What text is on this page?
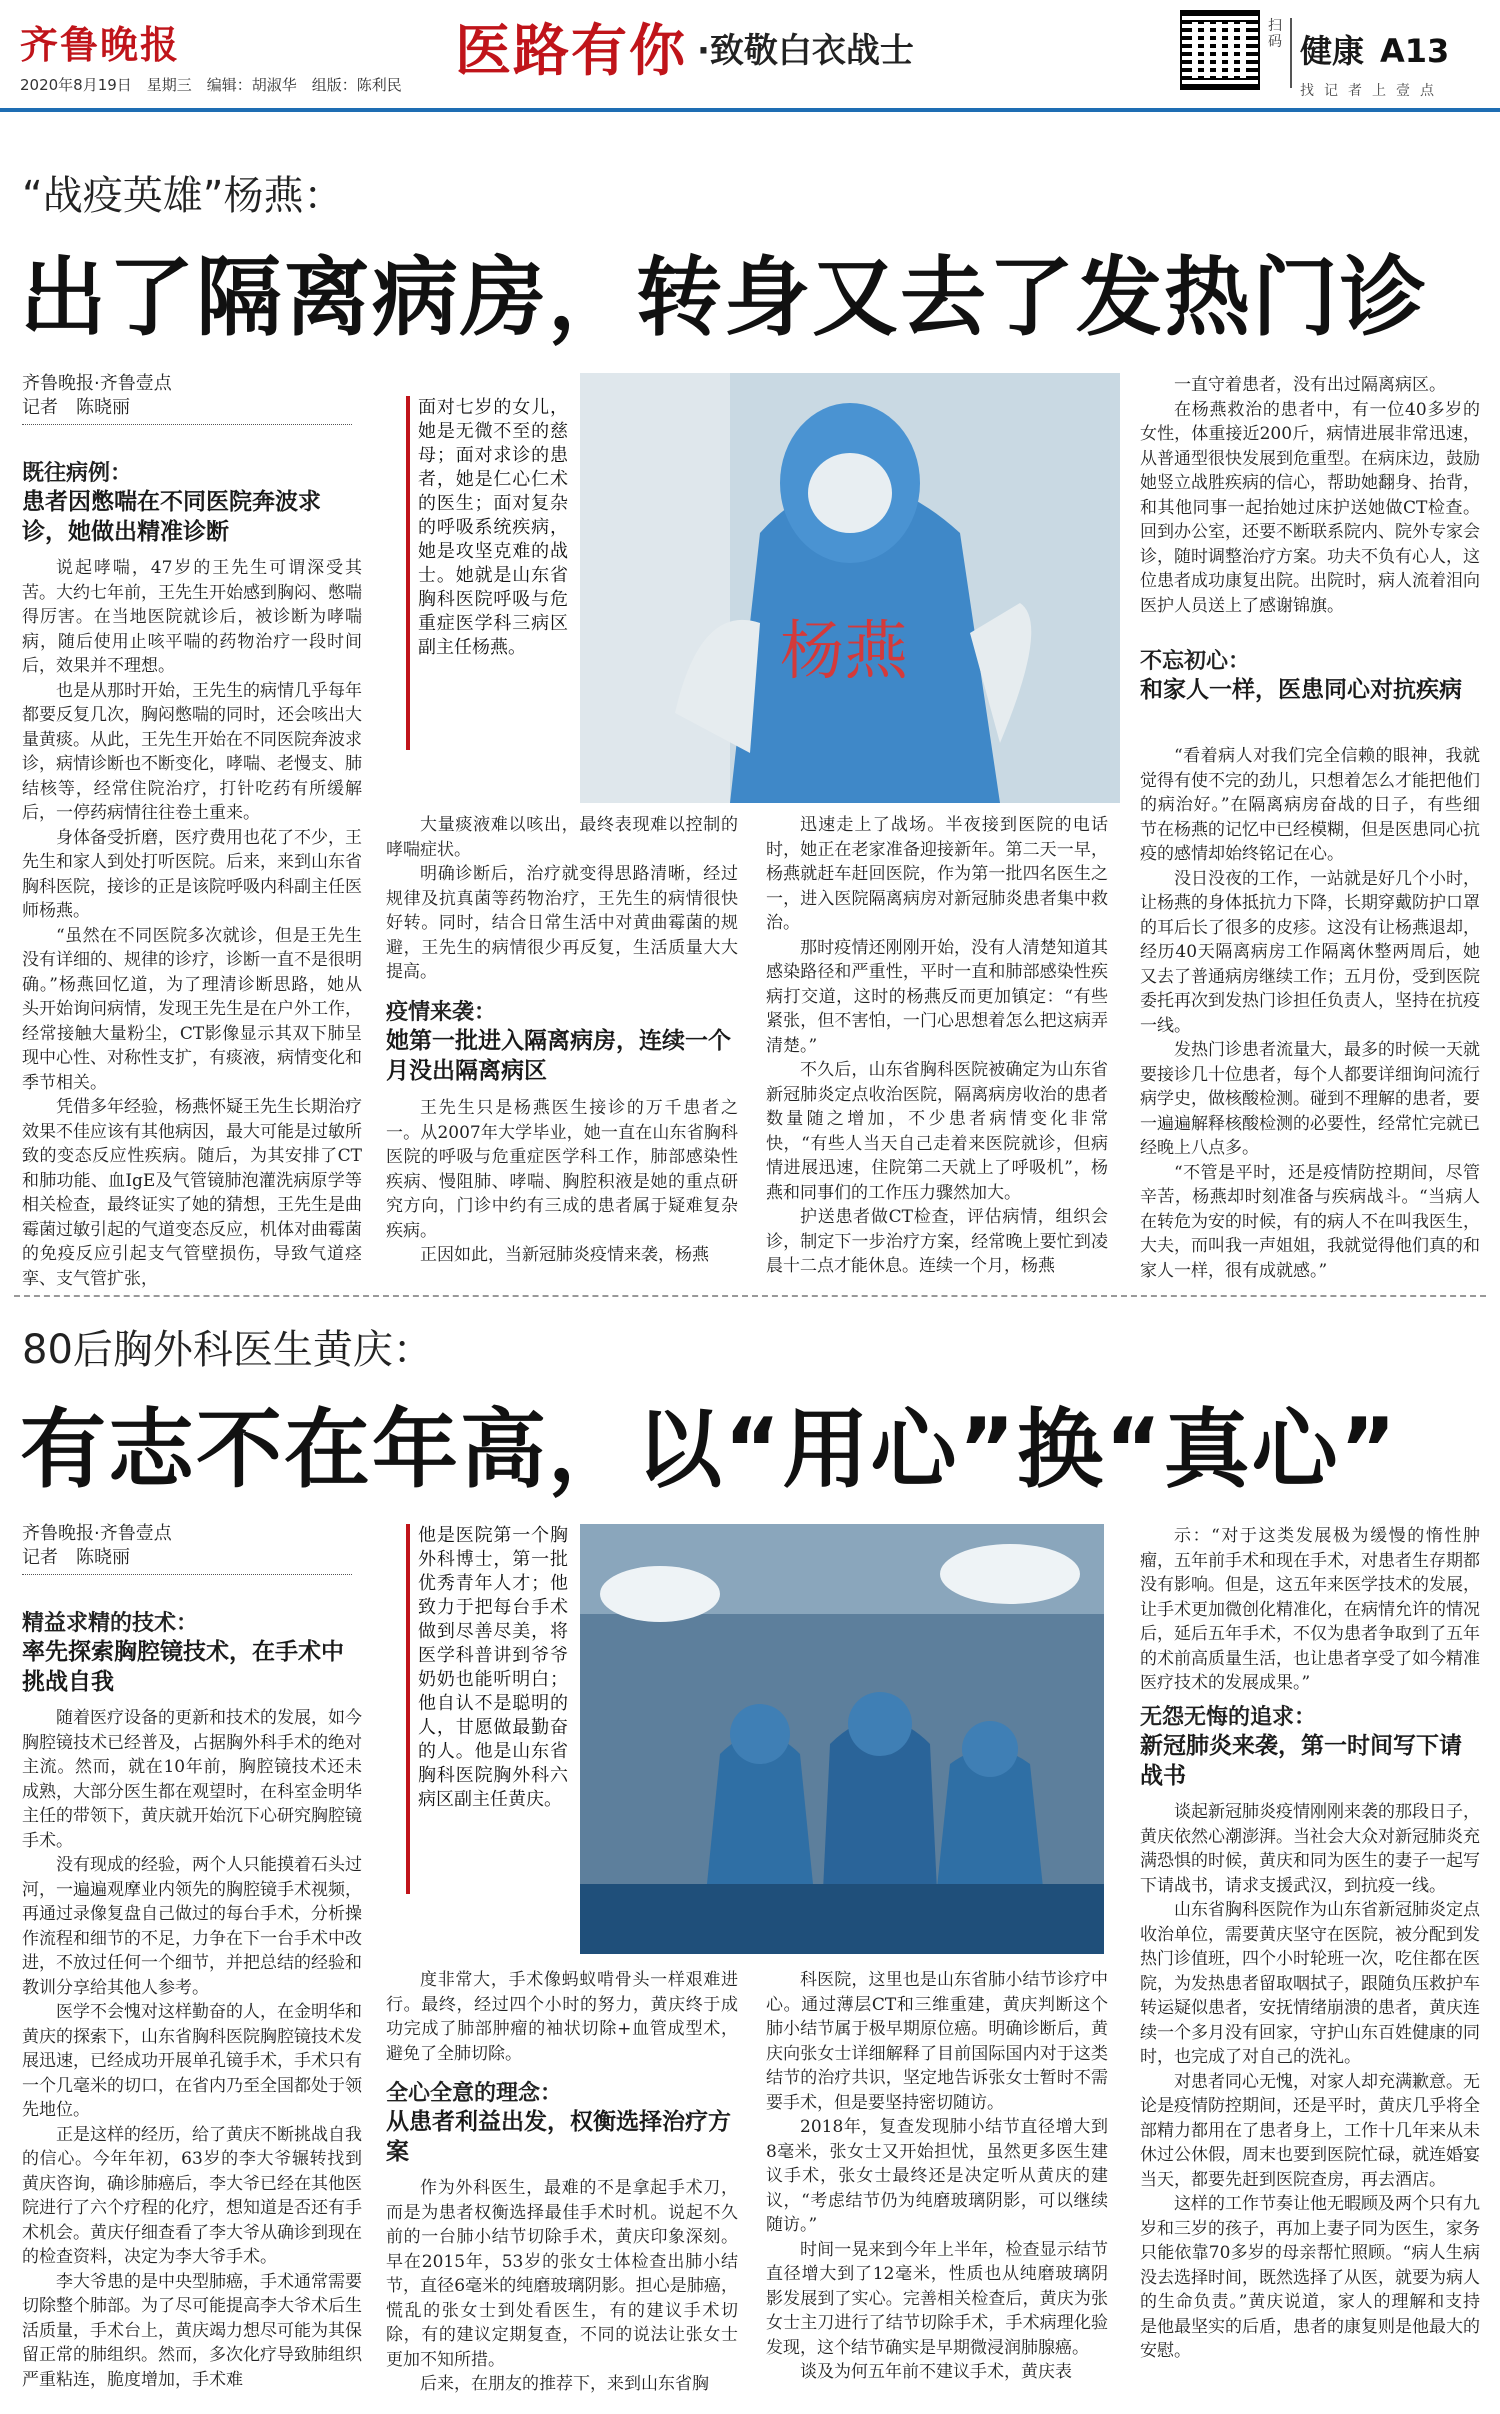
齐鲁晚报
2020年8月19日　星期三　编辑：胡淑华　组版：陈利民
医路有你 ·致敬白衣战士
扫码 健康 A13
找记者上壹点
“战疫英雄”杨燕：
出了隔离病房，转身又去了发热门诊
齐鲁晚报·齐鲁壹点
记者　陈晓丽
既往病例：
患者因憋喘在不同医院奔波求诊，她做出精准诊断
说起哮喘，47岁的王先生可谓深受其苦。大约七年前，王先生开始感到胸闷、憋喘得厉害。在当地医院就诊后，被诊断为哮喘病，随后使用止咳平喘的药物治疗一段时间后，效果并不理想。
也是从那时开始，王先生的病情几乎每年都要反复几次，胸闷憋喘的同时，还会咳出大量黄痰。从此，王先生开始在不同医院奔波求诊，病情诊断也不断变化，哮喘、老慢支、肺结核等，经常住院治疗，打针吃药有所缓解后，一停药病情往往卷土重来。
身体备受折磨，医疗费用也花了不少，王先生和家人到处打听医院。后来，来到山东省胸科医院，接诊的正是该院呼吸内科副主任医师杨燕。
“虽然在不同医院多次就诊，但是王先生没有详细的、规律的诊疗，诊断一直不是很明确。”杨燕回忆道，为了理清诊断思路，她从头开始询问病情，发现王先生是在户外工作，经常接触大量粉尘，CT影像显示其双下肺呈现中心性、对称性支扩，有痰液，病情变化和季节相关。
凭借多年经验，杨燕怀疑王先生长期治疗效果不佳应该有其他病因，最大可能是过敏所致的变态反应性疾病。随后，为其安排了CT和肺功能、血IgE及气管镜肺泡灌洗病原学等相关检查，最终证实了她的猜想，王先生是曲霉菌过敏引起的气道变态反应，机体对曲霉菌的免疫反应引起支气管壁损伤，导致气道痉挛、支气管扩张，
面对七岁的女儿，她是无微不至的慈母；面对求诊的患者，她是仁心仁术的医生；面对复杂的呼吸系统疾病，她是攻坚克难的战士。她就是山东省胸科医院呼吸与危重症医学科三病区副主任杨燕。	杨燕
大量痰液难以咳出，最终表现难以控制的哮喘症状。
明确诊断后，治疗就变得思路清晰，经过规律及抗真菌等药物治疗，王先生的病情很快好转。同时，结合日常生活中对黄曲霉菌的规避，王先生的病情很少再反复，生活质量大大提高。
疫情来袭：
她第一批进入隔离病房，连续一个月没出隔离病区
王先生只是杨燕医生接诊的万千患者之一。从2007年大学毕业，她一直在山东省胸科医院的呼吸与危重症医学科工作，肺部感染性疾病、慢阻肺、哮喘、胸腔积液是她的重点研究方向，门诊中约有三成的患者属于疑难复杂疾病。
正因如此，当新冠肺炎疫情来袭，杨燕
迅速走上了战场。半夜接到医院的电话时，她正在老家准备迎接新年。第二天一早，杨燕就赶车赶回医院，作为第一批四名医生之一，进入医院隔离病房对新冠肺炎患者集中救治。
那时疫情还刚刚开始，没有人清楚知道其感染路径和严重性，平时一直和肺部感染性疾病打交道，这时的杨燕反而更加镇定：“有些紧张，但不害怕，一门心思想着怎么把这病弄清楚。”
不久后，山东省胸科医院被确定为山东省新冠肺炎定点收治医院，隔离病房收治的患者数量随之增加，不少患者病情变化非常快，“有些人当天自己走着来医院就诊，但病情进展迅速，住院第二天就上了呼吸机”，杨燕和同事们的工作压力骤然加大。
护送患者做CT检查，评估病情，组织会诊，制定下一步治疗方案，经常晚上要忙到凌晨十二点才能休息。连续一个月，杨燕
一直守着患者，没有出过隔离病区。
在杨燕救治的患者中，有一位40多岁的女性，体重接近200斤，病情进展非常迅速，从普通型很快发展到危重型。在病床边，鼓励她竖立战胜疾病的信心，帮助她翻身、抬背，和其他同事一起抬她过床护送她做CT检查。回到办公室，还要不断联系院内、院外专家会诊，随时调整治疗方案。功夫不负有心人，这位患者成功康复出院。出院时，病人流着泪向医护人员送上了感谢锦旗。
不忘初心：
和家人一样，医患同心对抗疾病
“看着病人对我们完全信赖的眼神，我就觉得有使不完的劲儿，只想着怎么才能把他们的病治好。”在隔离病房奋战的日子，有些细节在杨燕的记忆中已经模糊，但是医患同心抗疫的感情却始终铭记在心。
没日没夜的工作，一站就是好几个小时，让杨燕的身体抵抗力下降，长期穿戴防护口罩的耳后长了很多的皮疹。这没有让杨燕退却，经历40天隔离病房工作隔离休整两周后，她又去了普通病房继续工作；五月份，受到医院委托再次到发热门诊担任负责人，坚持在抗疫一线。
发热门诊患者流量大，最多的时候一天就要接诊几十位患者，每个人都要详细询问流行病学史，做核酸检测。碰到不理解的患者，要一遍遍解释核酸检测的必要性，经常忙完就已经晚上八点多。
“不管是平时，还是疫情防控期间，尽管辛苦，杨燕却时刻准备与疾病战斗。“当病人在转危为安的时候，有的病人不在叫我医生，大夫，而叫我一声姐姐，我就觉得他们真的和家人一样，很有成就感。”
80后胸外科医生黄庆：
有志不在年高，以“用心”换“真心”
齐鲁晚报·齐鲁壹点
记者　陈晓丽
精益求精的技术：
率先探索胸腔镜技术，在手术中挑战自我
随着医疗设备的更新和技术的发展，如今胸腔镜技术已经普及，占据胸外科手术的绝对主流。然而，就在10年前，胸腔镜技术还未成熟，大部分医生都在观望时，在科室金明华主任的带领下，黄庆就开始沉下心研究胸腔镜手术。
没有现成的经验，两个人只能摸着石头过河，一遍遍观摩业内领先的胸腔镜手术视频，再通过录像复盘自己做过的每台手术，分析操作流程和细节的不足，力争在下一台手术中改进，不放过任何一个细节，并把总结的经验和教训分享给其他人参考。
医学不会愧对这样勤奋的人，在金明华和黄庆的探索下，山东省胸科医院胸腔镜技术发展迅速，已经成功开展单孔镜手术，手术只有一个几毫米的切口，在省内乃至全国都处于领先地位。
正是这样的经历，给了黄庆不断挑战自我的信心。今年年初，63岁的李大爷辗转找到黄庆咨询，确诊肺癌后，李大爷已经在其他医院进行了六个疗程的化疗，想知道是否还有手术机会。黄庆仔细查看了李大爷从确诊到现在的检查资料，决定为李大爷手术。
李大爷患的是中央型肺癌，手术通常需要切除整个肺部。为了尽可能提高李大爷术后生活质量，手术台上，黄庆竭力想尽可能为其保留正常的肺组织。然而，多次化疗导致肺组织严重粘连，脆度增加，手术难
他是医院第一个胸外科博士，第一批优秀青年人才；他致力于把每台手术做到尽善尽美，将医学科普讲到爷爷奶奶也能听明白；他自认不是聪明的人，甘愿做最勤奋的人。他是山东省胸科医院胸外科六病区副主任黄庆。
度非常大，手术像蚂蚁啃骨头一样艰难进行。最终，经过四个小时的努力，黄庆终于成功完成了肺部肿瘤的袖状切除+血管成型术，避免了全肺切除。
全心全意的理念：
从患者利益出发，权衡选择治疗方案
作为外科医生，最难的不是拿起手术刀，而是为患者权衡选择最佳手术时机。说起不久前的一台肺小结节切除手术，黄庆印象深刻。早在2015年，53岁的张女士体检查出肺小结节，直径6毫米的纯磨玻璃阴影。担心是肺癌，慌乱的张女士到处看医生，有的建议手术切除，有的建议定期复查，不同的说法让张女士更加不知所措。
后来，在朋友的推荐下，来到山东省胸
科医院，这里也是山东省肺小结节诊疗中心。通过薄层CT和三维重建，黄庆判断这个肺小结节属于极早期原位癌。明确诊断后，黄庆向张女士详细解释了目前国际国内对于这类结节的治疗共识，坚定地告诉张女士暂时不需要手术，但是要坚持密切随访。
2018年，复查发现肺小结节直径增大到8毫米，张女士又开始担忧，虽然更多医生建议手术，张女士最终还是决定听从黄庆的建议，“考虑结节仍为纯磨玻璃阴影，可以继续随访。”
时间一晃来到今年上半年，检查显示结节直径增大到了12毫米，性质也从纯磨玻璃阴影发展到了实心。完善相关检查后，黄庆为张女士主刀进行了结节切除手术，手术病理化验发现，这个结节确实是早期微浸润肺腺癌。
谈及为何五年前不建议手术，黄庆表
示：“对于这类发展极为缓慢的惰性肿瘤，五年前手术和现在手术，对患者生存期都没有影响。但是，这五年来医学技术的发展，让手术更加微创化精准化，在病情允许的情况后，延后五年手术，不仅为患者争取到了五年的术前高质量生活，也让患者享受了如今精准医疗技术的发展成果。”
无怨无悔的追求：
新冠肺炎来袭，第一时间写下请战书
谈起新冠肺炎疫情刚刚来袭的那段日子，黄庆依然心潮澎湃。当社会大众对新冠肺炎充满恐惧的时候，黄庆和同为医生的妻子一起写下请战书，请求支援武汉，到抗疫一线。
山东省胸科医院作为山东省新冠肺炎定点收治单位，需要黄庆坚守在医院，被分配到发热门诊值班，四个小时轮班一次，吃住都在医院，为发热患者留取咽拭子，跟随负压救护车转运疑似患者，安抚情绪崩溃的患者，黄庆连续一个多月没有回家，守护山东百姓健康的同时，也完成了对自己的洗礼。
对患者同心无愧，对家人却充满歉意。无论是疫情防控期间，还是平时，黄庆几乎将全部精力都用在了患者身上，工作十几年来从未休过公休假，周末也要到医院忙碌，就连婚宴当天，都要先赶到医院查房，再去酒店。
这样的工作节奏让他无暇顾及两个只有九岁和三岁的孩子，再加上妻子同为医生，家务只能依靠70多岁的母亲帮忙照顾。“病人生病没去选择时间，既然选择了从医，就要为病人的生命负责。”黄庆说道，家人的理解和支持是他最坚实的后盾，患者的康复则是他最大的安慰。
